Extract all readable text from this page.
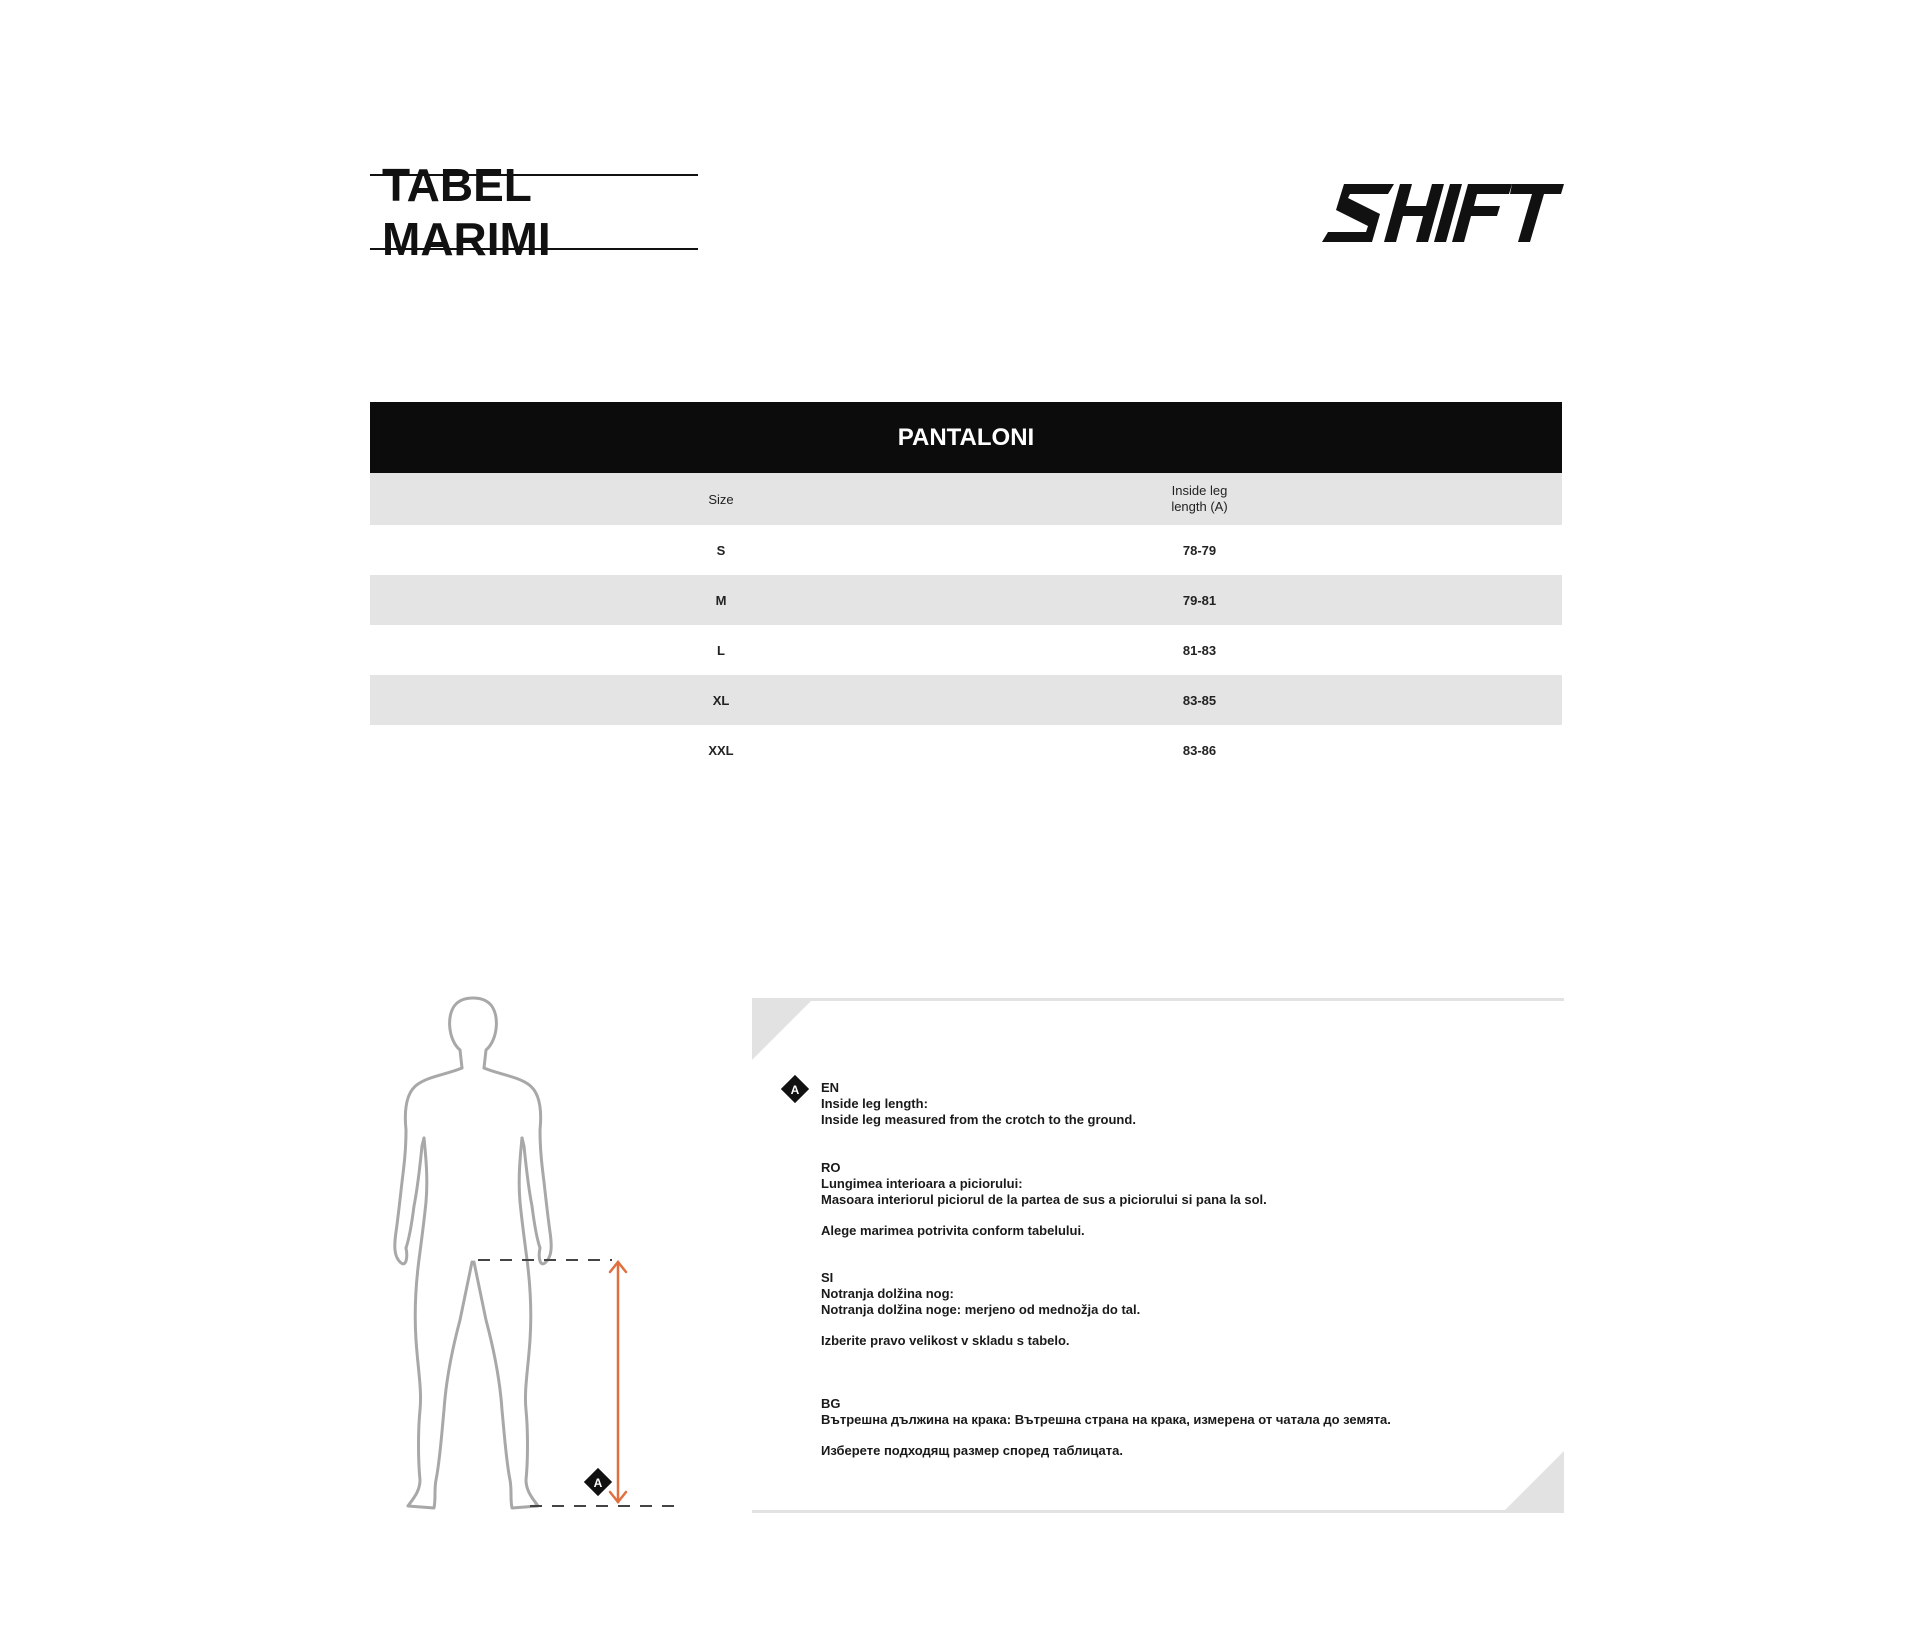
TABEL MARIMI
PANTALONI
Size
Inside leg
length (A)
S	78-79
M	79-81
L	81-83
XL	83-85
XXL	83-86
A
A EN
Inside leg length:
Inside leg measured from the crotch to the ground.
RO
Lungimea interioara a piciorului:
Masoara interiorul piciorul de la partea de sus a piciorului si pana la sol.
Alege marimea potrivita conform tabelului.
SI
Notranja dolžina nog:
Notranja dolžina noge: merjeno od mednožja do tal.
Izberite pravo velikost v skladu s tabelo.
BG
Вътрешна дължина на крака: Вътрешна страна на крака, измерена от чатала до земята.
Изберете подходящ размер според таблицата.
